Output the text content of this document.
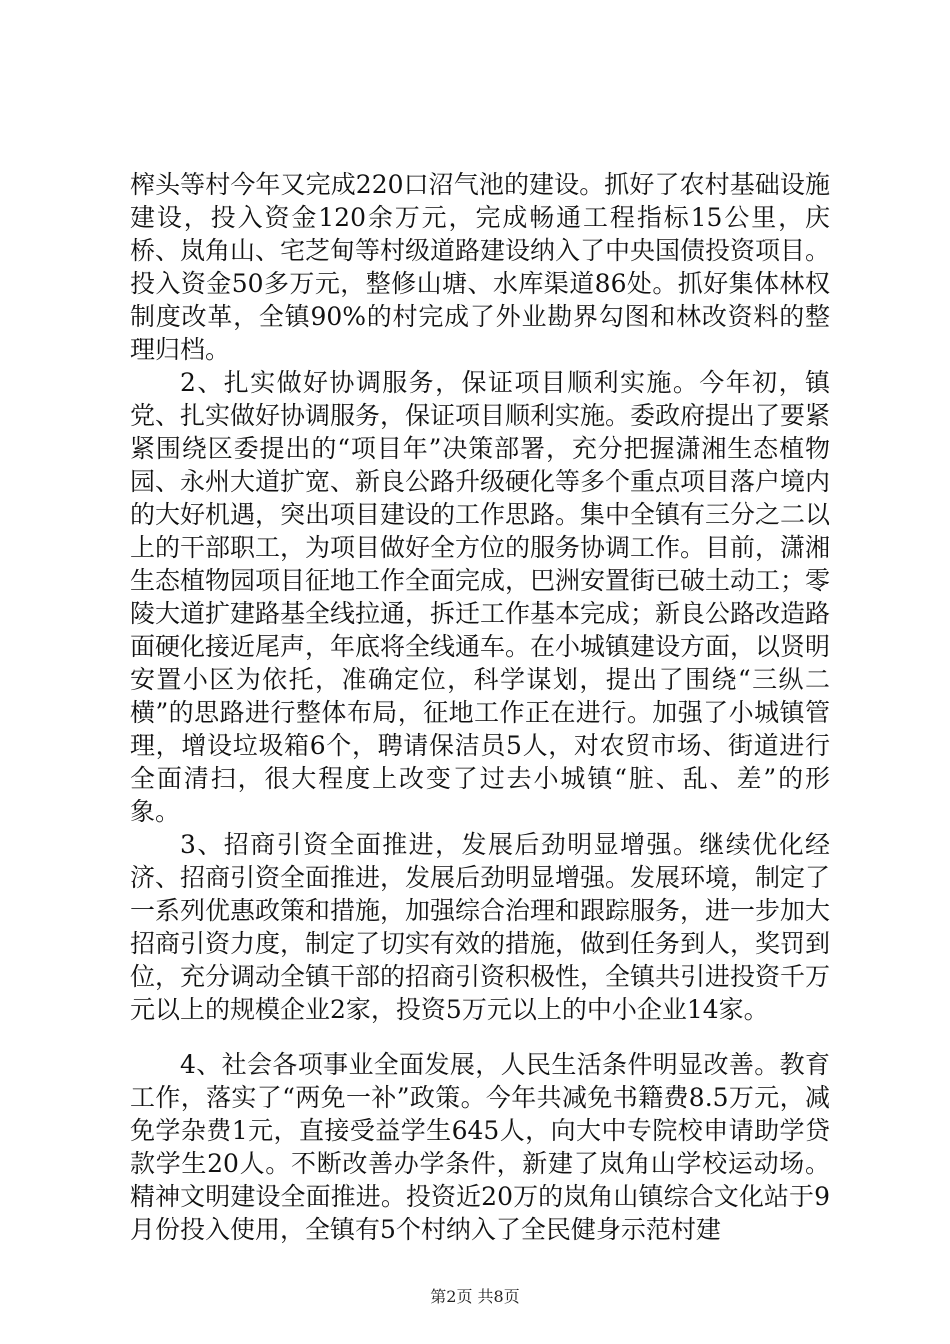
榨头等村今年又完成220口沼气池的建设。抓好了农村基础设施建设，投入资金120余万元，完成畅通工程指标15公里，庆桥、岚角山、宅芝甸等村级道路建设纳入了中央国债投资项目。投入资金50多万元，整修山塘、水库渠道86处。抓好集体林权制度改革，全镇90%的村完成了外业勘界勾图和林改资料的整理归档。

2、扎实做好协调服务，保证项目顺利实施。今年初，镇党、扎实做好协调服务，保证项目顺利实施。委政府提出了要紧紧围绕区委提出的“项目年”决策部署，充分把握潇湘生态植物园、永州大道扩宽、新良公路升级硬化等多个重点项目落户境内的大好机遇，突出项目建设的工作思路。集中全镇有三分之二以上的干部职工，为项目做好全方位的服务协调工作。目前，潇湘生态植物园项目征地工作全面完成，巴洲安置街已破土动工；零陵大道扩建路基全线拉通，拆迁工作基本完成；新良公路改造路面硬化接近尾声，年底将全线通车。在小城镇建设方面，以贤明安置小区为依托，准确定位，科学谋划，提出了围绕“三纵二横”的思路进行整体布局，征地工作正在进行。加强了小城镇管理，增设垃圾箱6个，聘请保洁员5人，对农贸市场、街道进行全面清扫，很大程度上改变了过去小城镇“脏、乱、差”的形象。

3、招商引资全面推进，发展后劲明显增强。继续优化经济、招商引资全面推进，发展后劲明显增强。发展环境，制定了一系列优惠政策和措施，加强综合治理和跟踪服务，进一步加大招商引资力度，制定了切实有效的措施，做到任务到人，奖罚到位，充分调动全镇干部的招商引资积极性，全镇共引进投资千万元以上的规模企业2家，投资5万元以上的中小企业14家。

4、社会各项事业全面发展，人民生活条件明显改善。教育工作，落实了“两免一补”政策。今年共减免书籍费8.5万元，减免学杂费1元，直接受益学生645人，向大中专院校申请助学贷款学生20人。不断改善办学条件，新建了岚角山学校运动场。精神文明建设全面推进。投资近20万的岚角山镇综合文化站于9月份投入使用，全镇有5个村纳入了全民健身示范村建

第2页 共8页
